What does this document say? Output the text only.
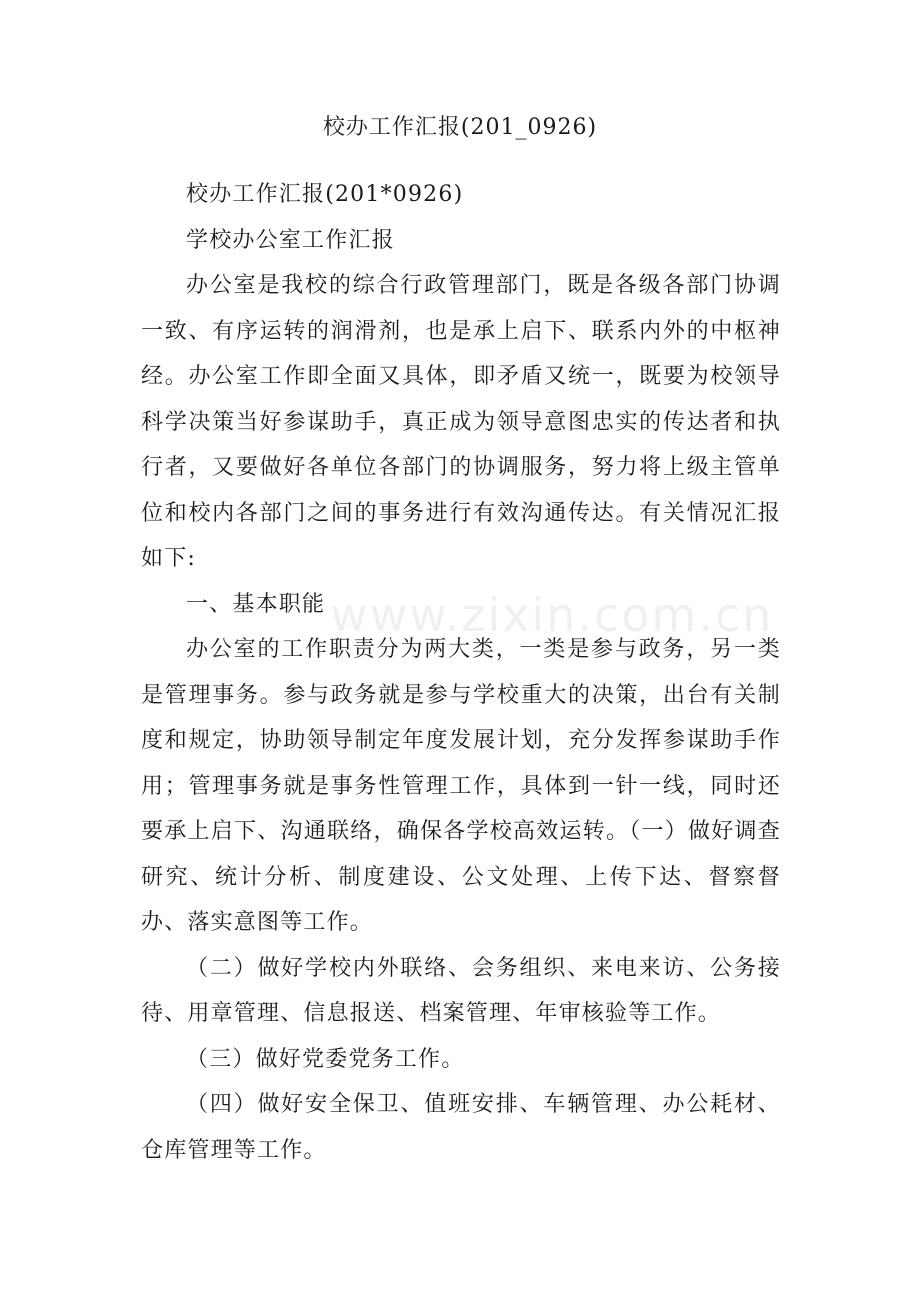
www.zixin.com.cn
校办工作汇报(201_0926)

校办工作汇报(201*0926)

学校办公室工作汇报

办公室是我校的综合行政管理部门，既是各级各部门协调一致、有序运转的润滑剂，也是承上启下、联系内外的中枢神经。办公室工作即全面又具体，即矛盾又统一，既要为校领导科学决策当好参谋助手，真正成为领导意图忠实的传达者和执行者，又要做好各单位各部门的协调服务，努力将上级主管单位和校内各部门之间的事务进行有效沟通传达。有关情况汇报如下:

一、基本职能

办公室的工作职责分为两大类，一类是参与政务，另一类是管理事务。参与政务就是参与学校重大的决策，出台有关制度和规定，协助领导制定年度发展计划，充分发挥参谋助手作用；管理事务就是事务性管理工作，具体到一针一线，同时还要承上启下、沟通联络，确保各学校高效运转。（一）做好调查研究、统计分析、制度建设、公文处理、上传下达、督察督办、落实意图等工作。

（二）做好学校内外联络、会务组织、来电来访、公务接待、用章管理、信息报送、档案管理、年审核验等工作。

（三）做好党委党务工作。

（四）做好安全保卫、值班安排、车辆管理、办公耗材、仓库管理等工作。
